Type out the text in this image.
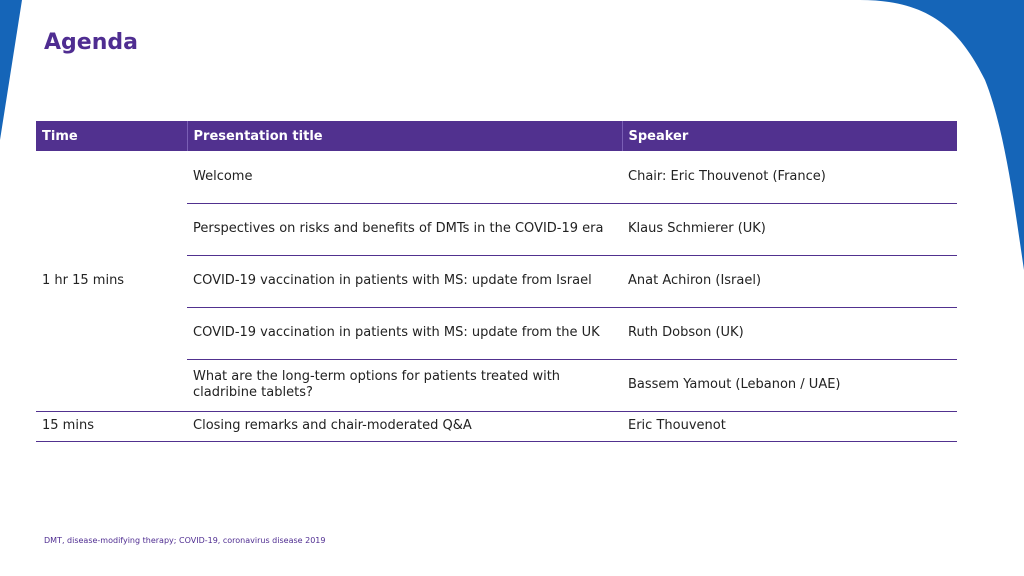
Agenda
Time	Presentation title	Speaker
1 hr 15 mins	Welcome	Chair: Eric Thouvenot (France)
	Perspectives on risks and benefits of DMTs in the COVID-19 era	Klaus Schmierer (UK)
	COVID-19 vaccination in patients with MS: update from Israel	Anat Achiron (Israel)
	COVID-19 vaccination in patients with MS: update from the UK	Ruth Dobson (UK)
	What are the long-term options for patients treated with cladribine tablets?	Bassem Yamout (Lebanon / UAE)
15 mins	Closing remarks and chair-moderated Q&A	Eric Thouvenot
DMT, disease-modifying therapy; COVID-19, coronavirus disease 2019
